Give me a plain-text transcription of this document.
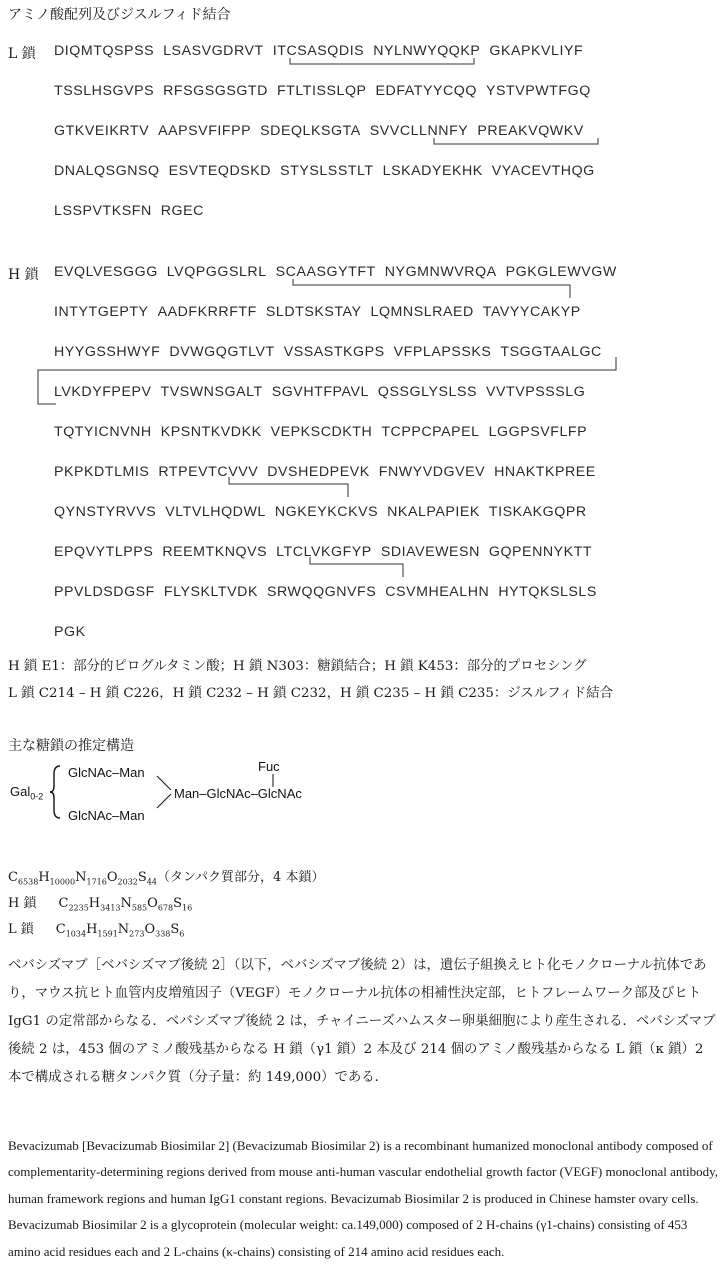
アミノ酸配列及びジスルフィド結合
L 鎖 DIQMTQSPSS LSASVGDRVT ITCSASQDIS NYLNWYQQKP GKAPKVLIYF
TSSLHSGVPS RFSGSGSGTD FTLTISSLQP EDFATYYCQQ YSTVPWTFGQ
GTKVEIKRTV AAPSVFIFPP SDEQLKSGTA SVVCLLNNFY PREAKVQWKV
DNALQSGNSQ ESVTEQDSKD STYSLSSTLT LSKADYEKHK VYACEVTHQG
LSSPVTKSFN RGEC
H 鎖 EVQLVESGGG LVQPGGSLRL SCAASGYTFT NYGMNWVRQA PGKGLEWVGW
INTYTGEPTY AADFKRRFTF SLDTSKSTAY LQMNSLRAED TAVYYCAKYP
HYYGSSHWYF DVWGQGTLVT VSSASTKGPS VFPLAPSSKS TSGGTAALGC
LVKDYFPEPV TVSWNSGALT SGVHTFPAVL QSSGLYSLSS VVTVPSSSLG
TQTYICNVNH KPSNTKVDKK VEPKSCDKTH TCPPCPAPEL LGGPSVFLFP
PKPKDTLMIS RTPEVTCVVV DVSHEDPEVK FNWYVDGVEV HNAKTKPREE
QYNSTYRVVS VLTVLHQDWL NGKEYKCKVS NKALPAPIEK TISKAKGQPR
EPQVYTLPPS REEMTKNQVS LTCLVKGFYP SDIAVEWESN GQPENNYKTT
PPVLDSDGSF FLYSKLTVDK SRWQQGNVFS CSVMHEALHN HYTQKSLSLS
PGK
H 鎖 E1：部分的ピログルタミン酸；H 鎖 N303：糖鎖結合；H 鎖 K453：部分的プロセシング
L 鎖 C214 – H 鎖 C226，H 鎖 C232 – H 鎖 C232，H 鎖 C235 – H 鎖 C235：ジスルフィド結合
主な糖鎖の推定構造
Gal$_{0-2}$
GlcNAc–Man
GlcNAc–Man
Man–GlcNAc–GlcNAc
Fuc
$C_{6538}H_{10000}N_{1716}O_{2032}S_{44}$（タンパク質部分，4 本鎖）
H 鎖 $C_{2235}H_{3413}N_{585}O_{678}S_{16}$
L 鎖 $C_{1034}H_{1591}N_{273}O_{338}S_6$
ベバシズマブ［ベバシズマブ後続 2］（以下，ベバシズマブ後続 2）は，遺伝子組換えヒト化モノクローナル抗体であり，マウス抗ヒト血管内皮増殖因子（VEGF）モノクローナル抗体の相補性決定部，ヒトフレームワーク部及びヒト IgG1 の定常部からなる．ベバシズマブ後続 2 は，チャイニーズハムスター卵巣細胞により産生される．ベバシズマブ後続 2 は，453 個のアミノ酸残基からなる H 鎖（γ1 鎖）2 本及び 214 個のアミノ酸残基からなる L 鎖（κ 鎖）2 本で構成される糖タンパク質（分子量：約 149,000）である．
Bevacizumab [Bevacizumab Biosimilar 2] (Bevacizumab Biosimilar 2) is a recombinant humanized monoclonal antibody composed of complementarity-determining regions derived from mouse anti-human vascular endothelial growth factor (VEGF) monoclonal antibody, human framework regions and human IgG1 constant regions. Bevacizumab Biosimilar 2 is produced in Chinese hamster ovary cells. Bevacizumab Biosimilar 2 is a glycoprotein (molecular weight: ca.149,000) composed of 2 H-chains (γ1-chains) consisting of 453 amino acid residues each and 2 L-chains (κ-chains) consisting of 214 amino acid residues each.
